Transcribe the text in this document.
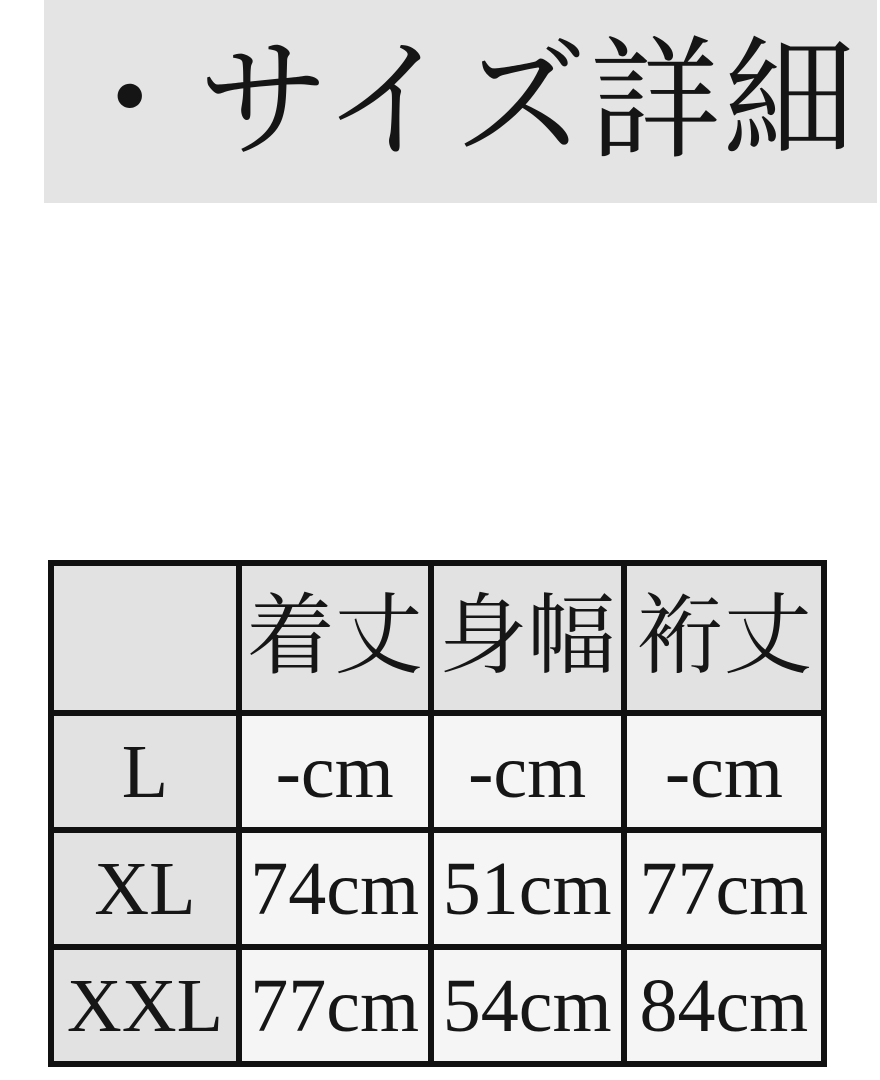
・サイズ詳細
	着丈	身幅	裄丈
L	-cm	-cm	-cm
XL	74cm	51cm	77cm
XXL	77cm	54cm	84cm
